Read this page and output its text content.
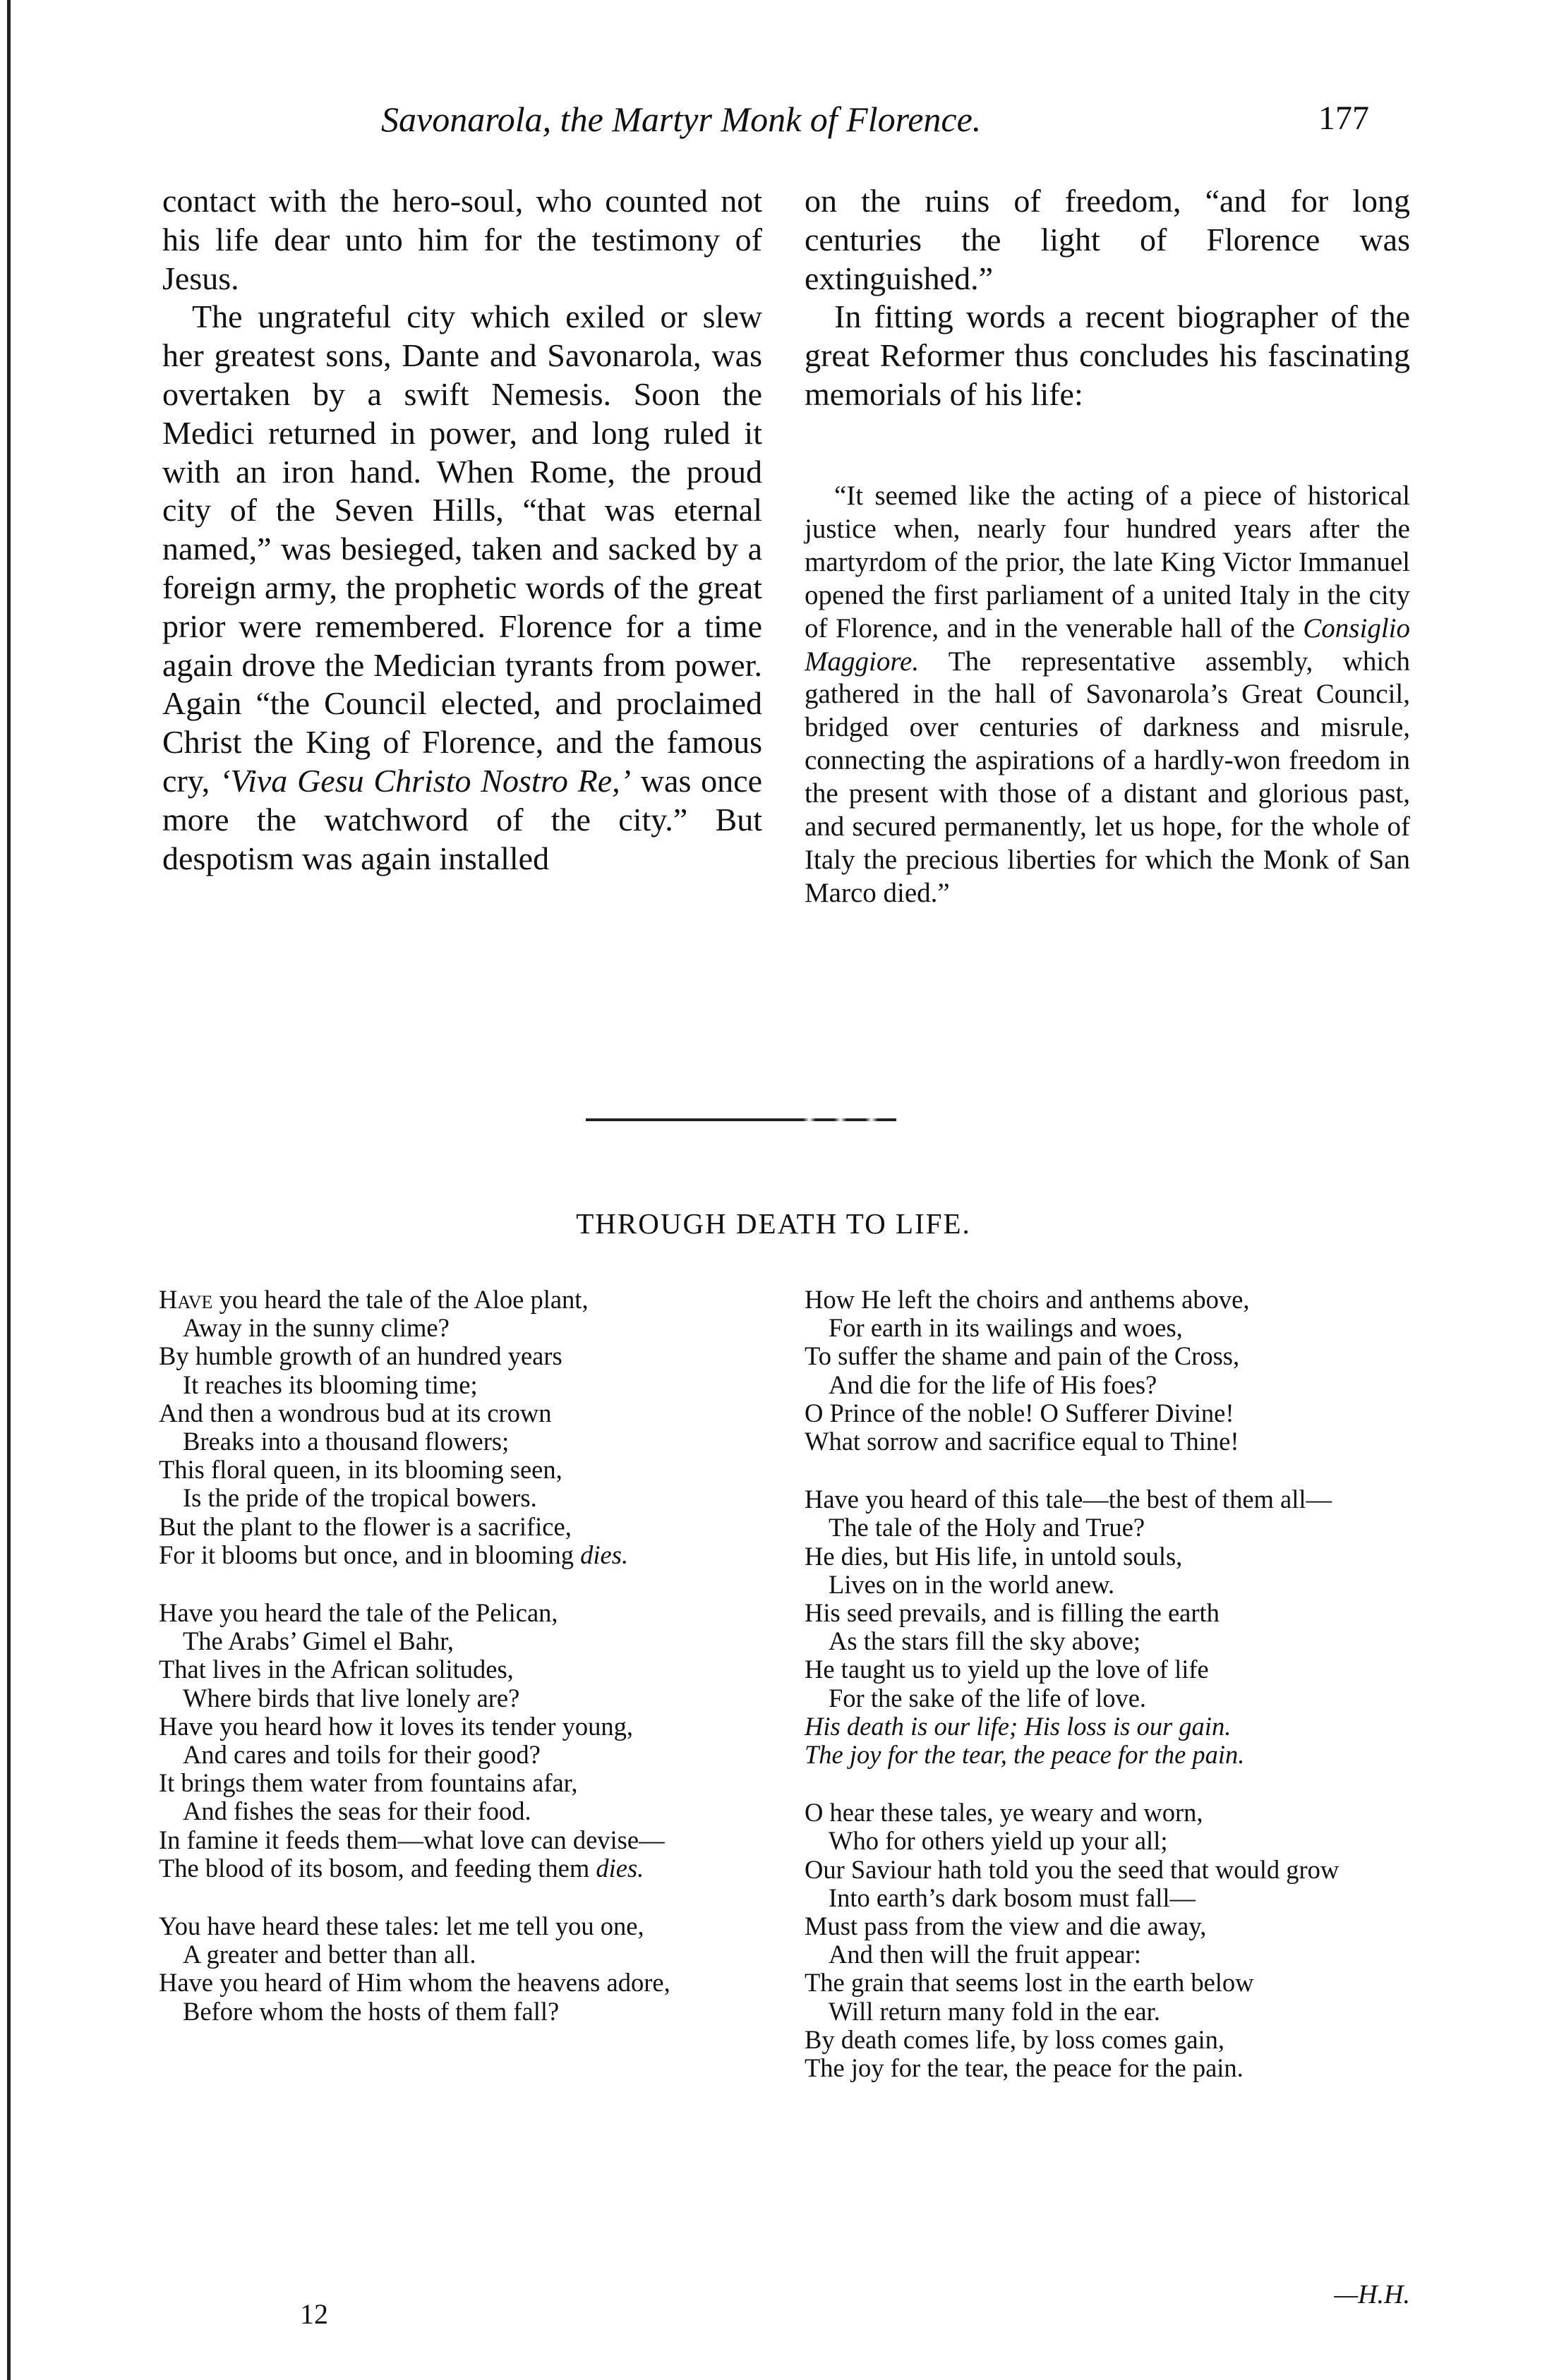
Savonarola, the Martyr Monk of Florence.	177

contact with the hero-soul, who counted not his life dear unto him for the testimony of Jesus.

The ungrateful city which exiled or slew her greatest sons, Dante and Savonarola, was overtaken by a swift Nemesis. Soon the Medici returned in power, and long ruled it with an iron hand. When Rome, the proud city of the Seven Hills, “that was eternal named,” was besieged, taken and sacked by a foreign army, the prophetic words of the great prior were remembered. Florence for a time again drove the Medician tyrants from power. Again “the Council elected, and proclaimed Christ the King of Florence, and the famous cry, ‘Viva Gesu Christo Nostro Re,’ was once more the watchword of the city.” But despotism was again installed

on the ruins of freedom, “and for long centuries the light of Florence was extinguished.”

In fitting words a recent biographer of the great Reformer thus concludes his fascinating memorials of his life:

“It seemed like the acting of a piece of historical justice when, nearly four hundred years after the martyrdom of the prior, the late King Victor Immanuel opened the first parliament of a united Italy in the city of Florence, and in the venerable hall of the Consiglio Maggiore. The representative assembly, which gathered in the hall of Savonarola’s Great Council, bridged over centuries of darkness and misrule, connecting the aspirations of a hardly-won freedom in the present with those of a distant and glorious past, and secured permanently, let us hope, for the whole of Italy the precious liberties for which the Monk of San Marco died.”

THROUGH DEATH TO LIFE.
Have you heard the tale of the Aloe plant,
Away in the sunny clime?
By humble growth of an hundred years
It reaches its blooming time;
And then a wondrous bud at its crown
Breaks into a thousand flowers;
This floral queen, in its blooming seen,
Is the pride of the tropical bowers.
But the plant to the flower is a sacrifice,
For it blooms but once, and in blooming dies.
Have you heard the tale of the Pelican,
The Arabs’ Gimel el Bahr,
That lives in the African solitudes,
Where birds that live lonely are?
Have you heard how it loves its tender young,
And cares and toils for their good?
It brings them water from fountains afar,
And fishes the seas for their food.
In famine it feeds them—what love can devise—
The blood of its bosom, and feeding them dies.
You have heard these tales: let me tell you one,
A greater and better than all.
Have you heard of Him whom the heavens adore,
Before whom the hosts of them fall?
How He left the choirs and anthems above,
For earth in its wailings and woes,
To suffer the shame and pain of the Cross,
And die for the life of His foes?
O Prince of the noble! O Sufferer Divine!
What sorrow and sacrifice equal to Thine!
Have you heard of this tale—the best of them all—
The tale of the Holy and True?
He dies, but His life, in untold souls,
Lives on in the world anew.
His seed prevails, and is filling the earth
As the stars fill the sky above;
He taught us to yield up the love of life
For the sake of the life of love.
His death is our life; His loss is our gain.
The joy for the tear, the peace for the pain.
O hear these tales, ye weary and worn,
Who for others yield up your all;
Our Saviour hath told you the seed that would grow
Into earth’s dark bosom must fall—
Must pass from the view and die away,
And then will the fruit appear:
The grain that seems lost in the earth below
Will return many fold in the ear.
By death comes life, by loss comes gain,
The joy for the tear, the peace for the pain.
—H.H.
12
